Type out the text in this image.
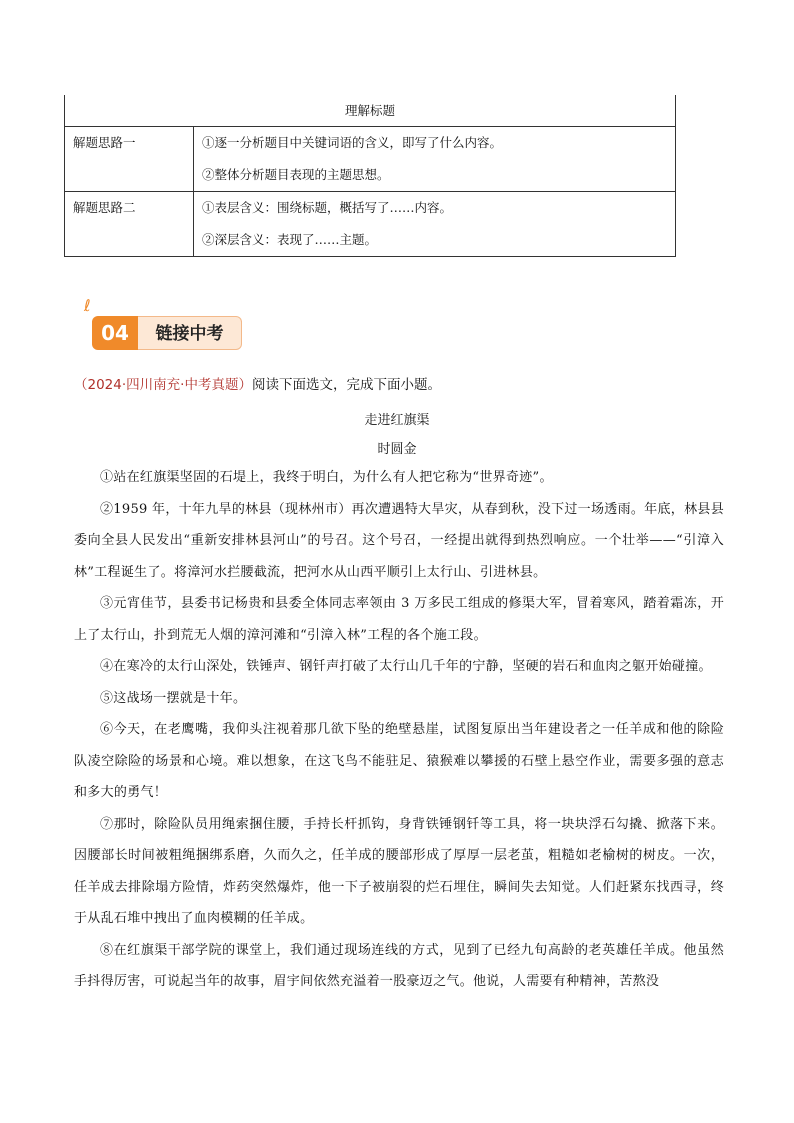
理解标题	
解题思路一	①逐一分析题目中关键词语的含义，即写了什么内容。

②整体分析题目表现的主题思想。

解题思路二	①表层含义：围绕标题，概括写了……内容。

②深层含义：表现了……主题。

ℓ
04	链接中考
（2024·四川南充·中考真题）阅读下面选文，完成下面小题。
走进红旗渠
时圆金

①站在红旗渠坚固的石堤上，我终于明白，为什么有人把它称为“世界奇迹”。

②1959 年，十年九旱的林县（现林州市）再次遭遇特大旱灾，从春到秋，没下过一场透雨。年底，林县县委向全县人民发出“重新安排林县河山”的号召。这个号召，一经提出就得到热烈响应。一个壮举——“引漳入林”工程诞生了。将漳河水拦腰截流，把河水从山西平顺引上太行山、引进林县。

③元宵佳节，县委书记杨贵和县委全体同志率领由 3 万多民工组成的修渠大军，冒着寒风，踏着霜冻，开上了太行山，扑到荒无人烟的漳河滩和“引漳入林”工程的各个施工段。

④在寒冷的太行山深处，铁锤声、钢钎声打破了太行山几千年的宁静，坚硬的岩石和血肉之躯开始碰撞。

⑤这战场一摆就是十年。

⑥今天，在老鹰嘴，我仰头注视着那几欲下坠的绝壁悬崖，试图复原出当年建设者之一任羊成和他的除险队凌空除险的场景和心境。难以想象，在这飞鸟不能驻足、猿猴难以攀援的石壁上悬空作业，需要多强的意志和多大的勇气！

⑦那时，除险队员用绳索捆住腰，手持长杆抓钩，身背铁锤钢钎等工具，将一块块浮石勾撬、掀落下来。因腰部长时间被粗绳捆绑系磨，久而久之，任羊成的腰部形成了厚厚一层老茧，粗糙如老榆树的树皮。一次，任羊成去排除塌方险情，炸药突然爆炸，他一下子被崩裂的烂石埋住，瞬间失去知觉。人们赶紧东找西寻，终于从乱石堆中拽出了血肉模糊的任羊成。

⑧在红旗渠干部学院的课堂上，我们通过现场连线的方式，见到了已经九旬高龄的老英雄任羊成。他虽然手抖得厉害，可说起当年的故事，眉宇间依然充溢着一股豪迈之气。他说，人需要有种精神，苦熬没
